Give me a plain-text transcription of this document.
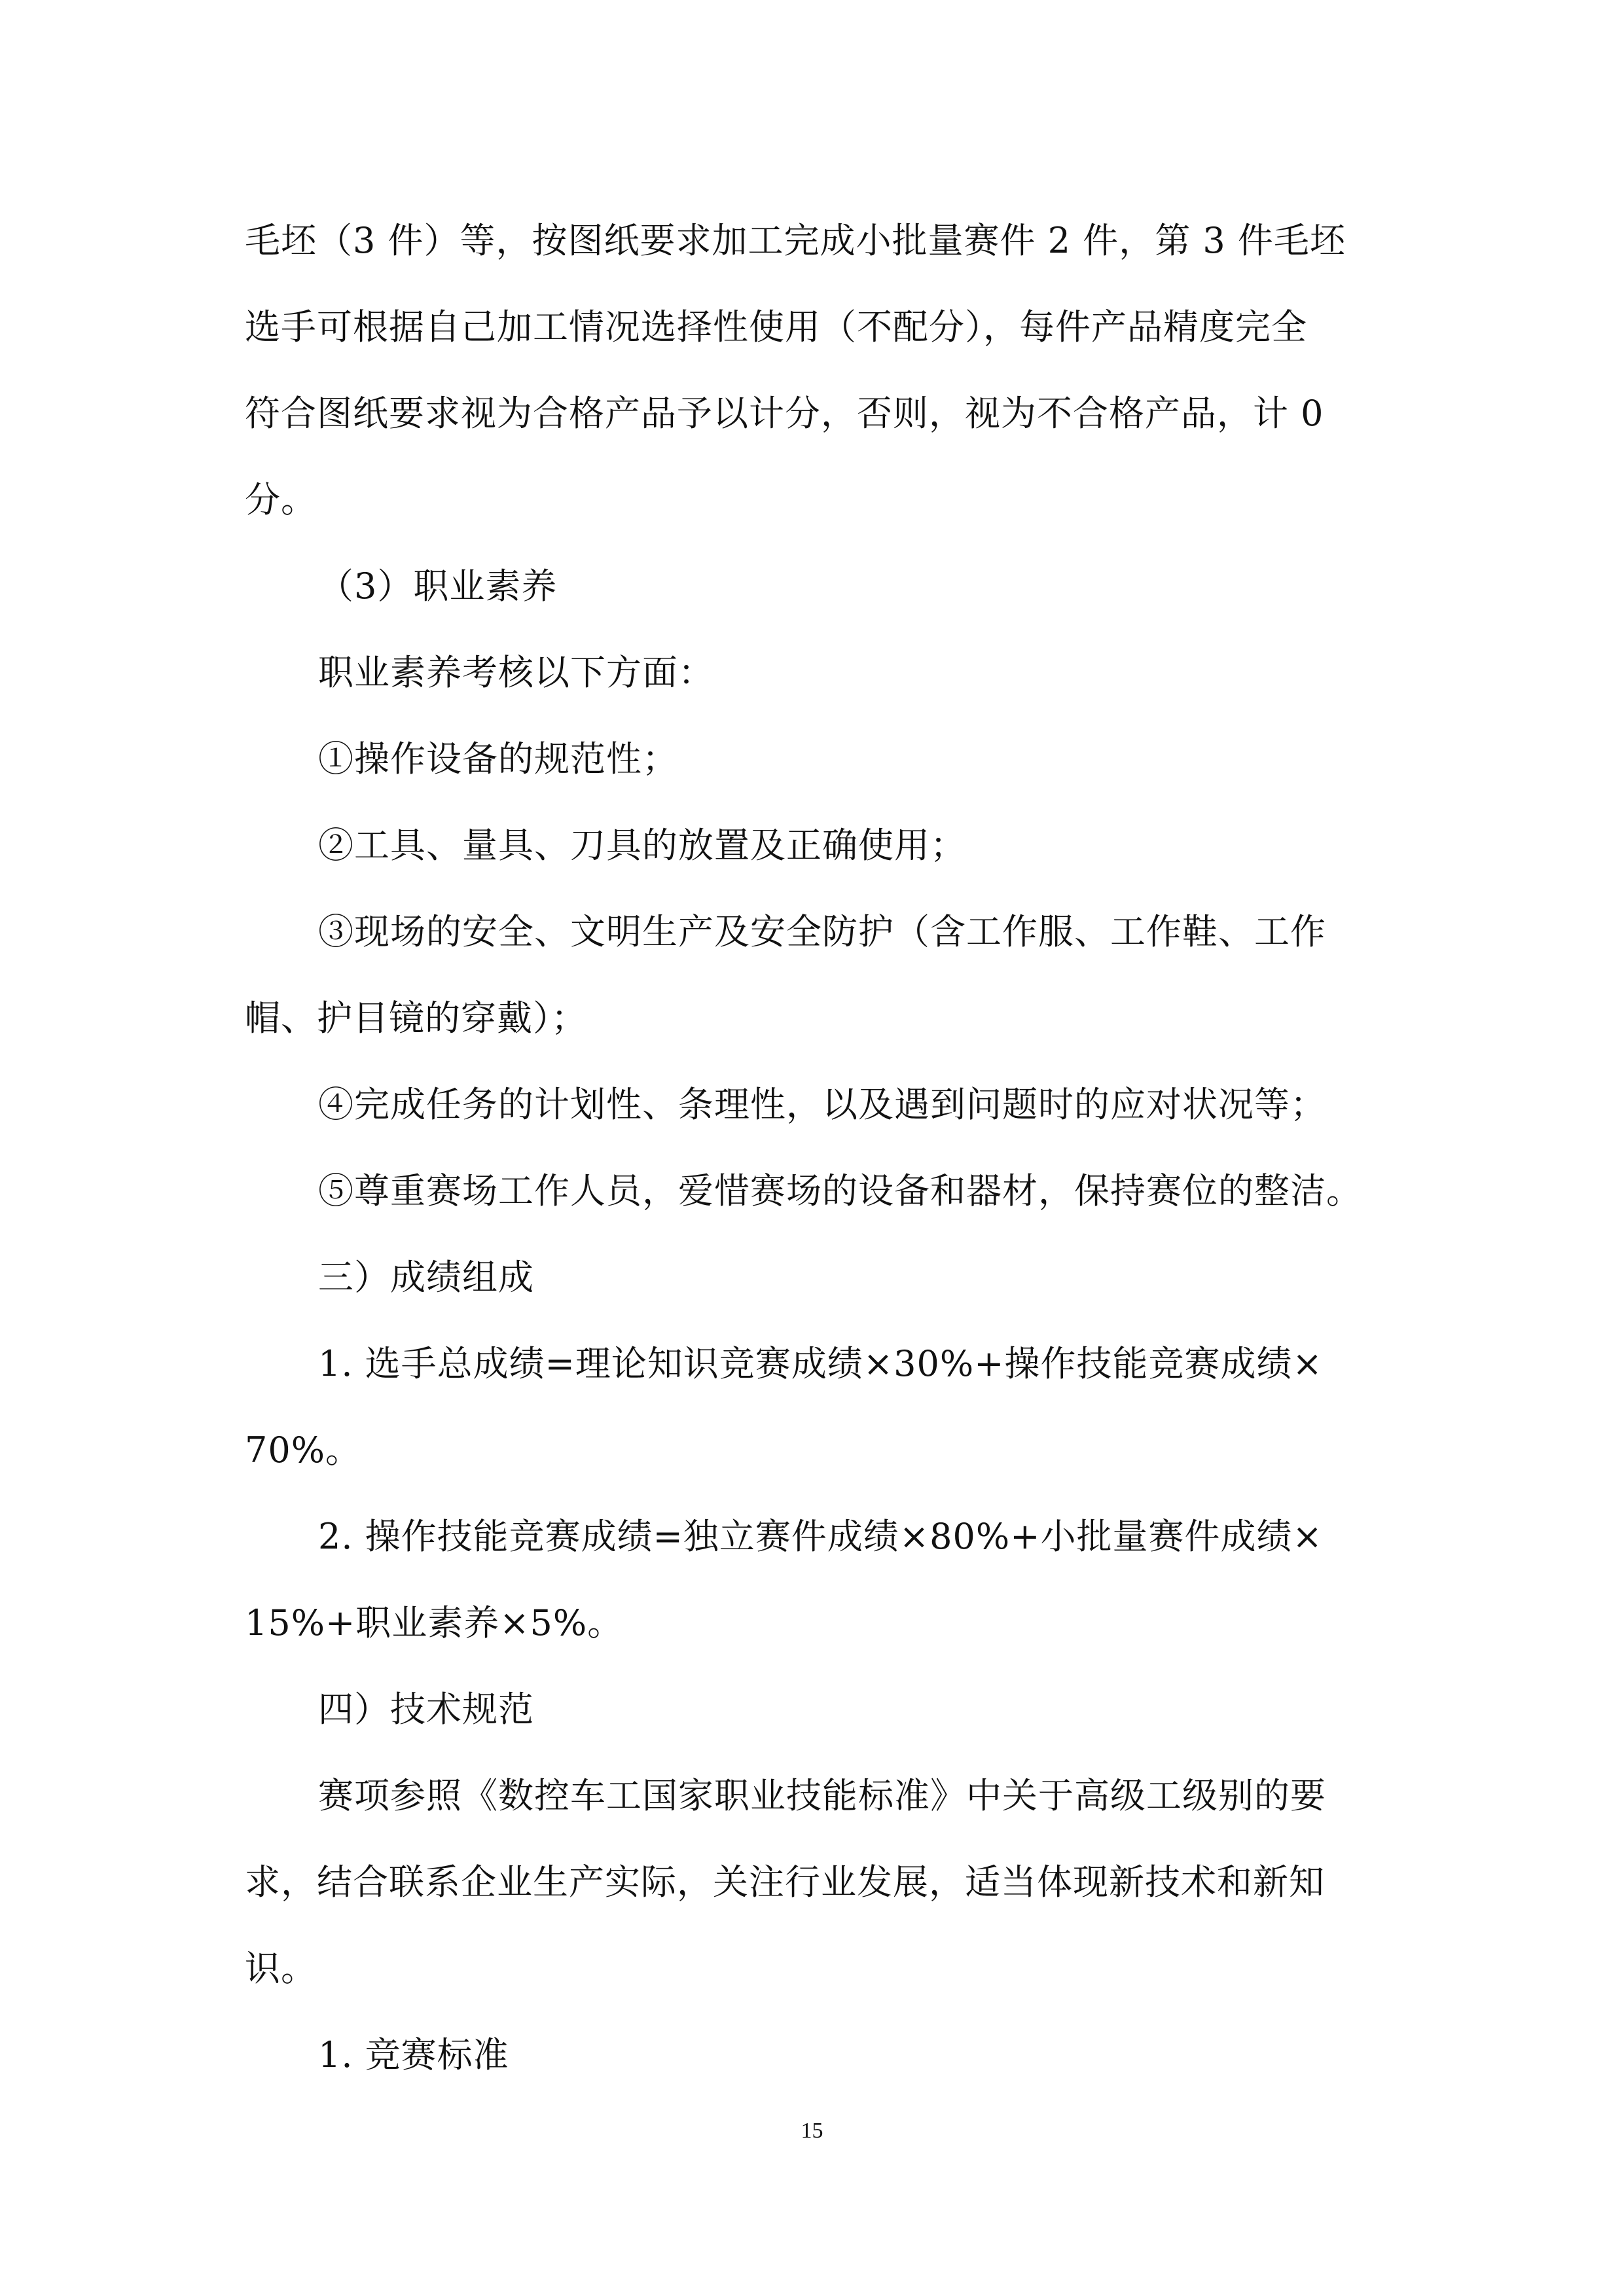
毛坯（3 件）等，按图纸要求加工完成小批量赛件 2 件，第 3 件毛坯
选手可根据自己加工情况选择性使用（不配分），每件产品精度完全
符合图纸要求视为合格产品予以计分，否则，视为不合格产品，计 0
分。
（3）职业素养
职业素养考核以下方面：
①操作设备的规范性；
②工具、量具、刀具的放置及正确使用；
③现场的安全、文明生产及安全防护（含工作服、工作鞋、工作
帽、护目镜的穿戴）；
④完成任务的计划性、条理性，以及遇到问题时的应对状况等；
⑤尊重赛场工作人员，爱惜赛场的设备和器材，保持赛位的整洁。
三）成绩组成
1. 选手总成绩=理论知识竞赛成绩×30%+操作技能竞赛成绩×
70%。
2. 操作技能竞赛成绩=独立赛件成绩×80%+小批量赛件成绩×
15%+职业素养×5%。
四）技术规范
赛项参照《数控车工国家职业技能标准》中关于高级工级别的要
求，结合联系企业生产实际，关注行业发展，适当体现新技术和新知
识。
1. 竞赛标准
15
